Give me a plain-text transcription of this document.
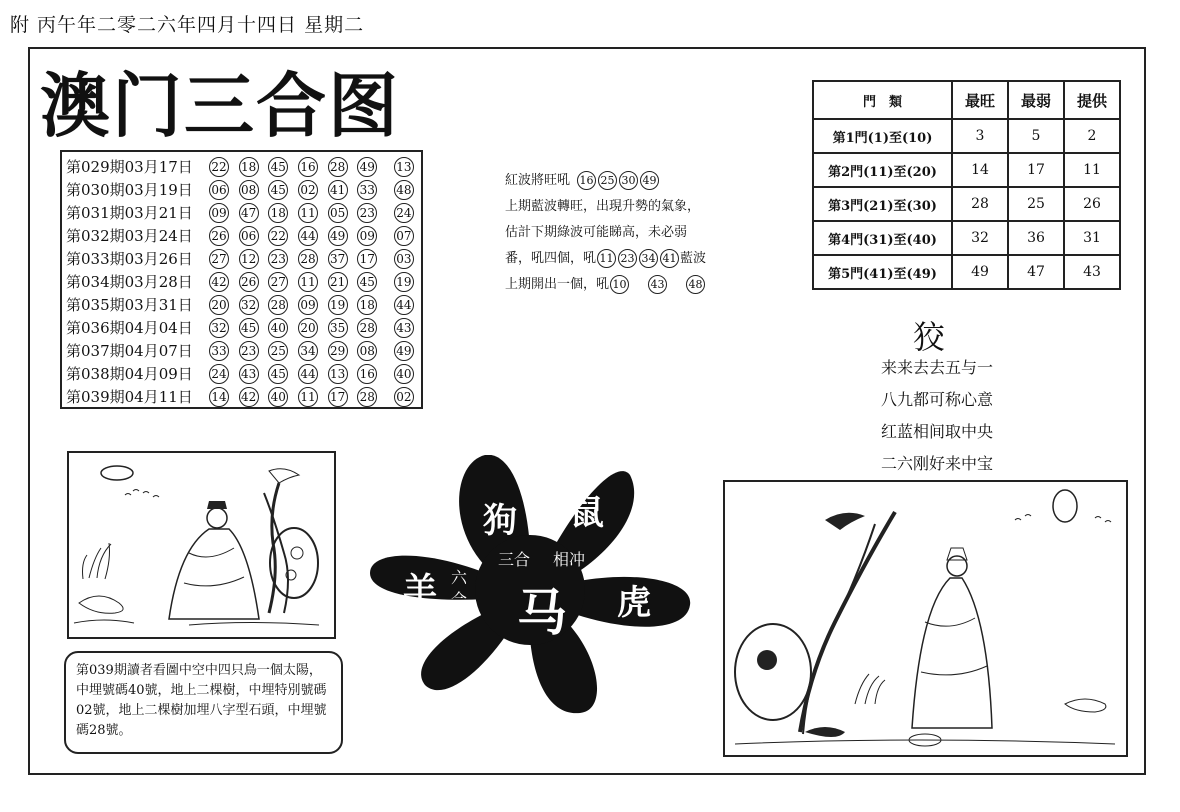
附 丙午年二零二六年四月十四日 星期二
澳门三合图
第029期03月17日	22 18 45 16 28 49 13
第030期03月19日	06 08 45 02 41 33 48
第031期03月21日	09 47 18 11 05 23 24
第032期03月24日	26 06 22 44 49 09 07
第033期03月26日	27 12 23 28 37 17 03
第034期03月28日	42 26 27 11 21 45 19
第035期03月31日	20 32 28 09 19 18 44
第036期04月04日	32 45 40 20 35 28 43
第037期04月07日	33 23 25 34 29 08 49
第038期04月09日	24 43 45 44 13 16 40
第039期04月11日	14 42 40 11 17 28 02
紅波將旺吼 16 25 30 49
上期藍波轉旺，出現升勢的氣象，
估計下期綠波可能睇高，未必弱
番，吼四個，吼 11 23 34 41 藍波
上期開出一個，吼 10 43 48
門　類	最旺	最弱	提供
第1門(1)至(10)	3	5	2
第2門(11)至(20)	14	17	11
第3門(21)至(30)	28	25	26
第4門(31)至(40)	32	36	31
第5門(41)至(49)	49	47	43
狡
来来去去五与一
八九都可称心意
红蓝相间取中央
二六刚好来中宝
第039期讀者看圖中空中四只鳥一個太陽，中埋號碼40號，地上二棵樹，中埋特別號碼02號，地上二棵樹加埋八字型石頭，中埋號碼28號。
狗 鼠
三合 相冲
羊 六
合 马 虎
